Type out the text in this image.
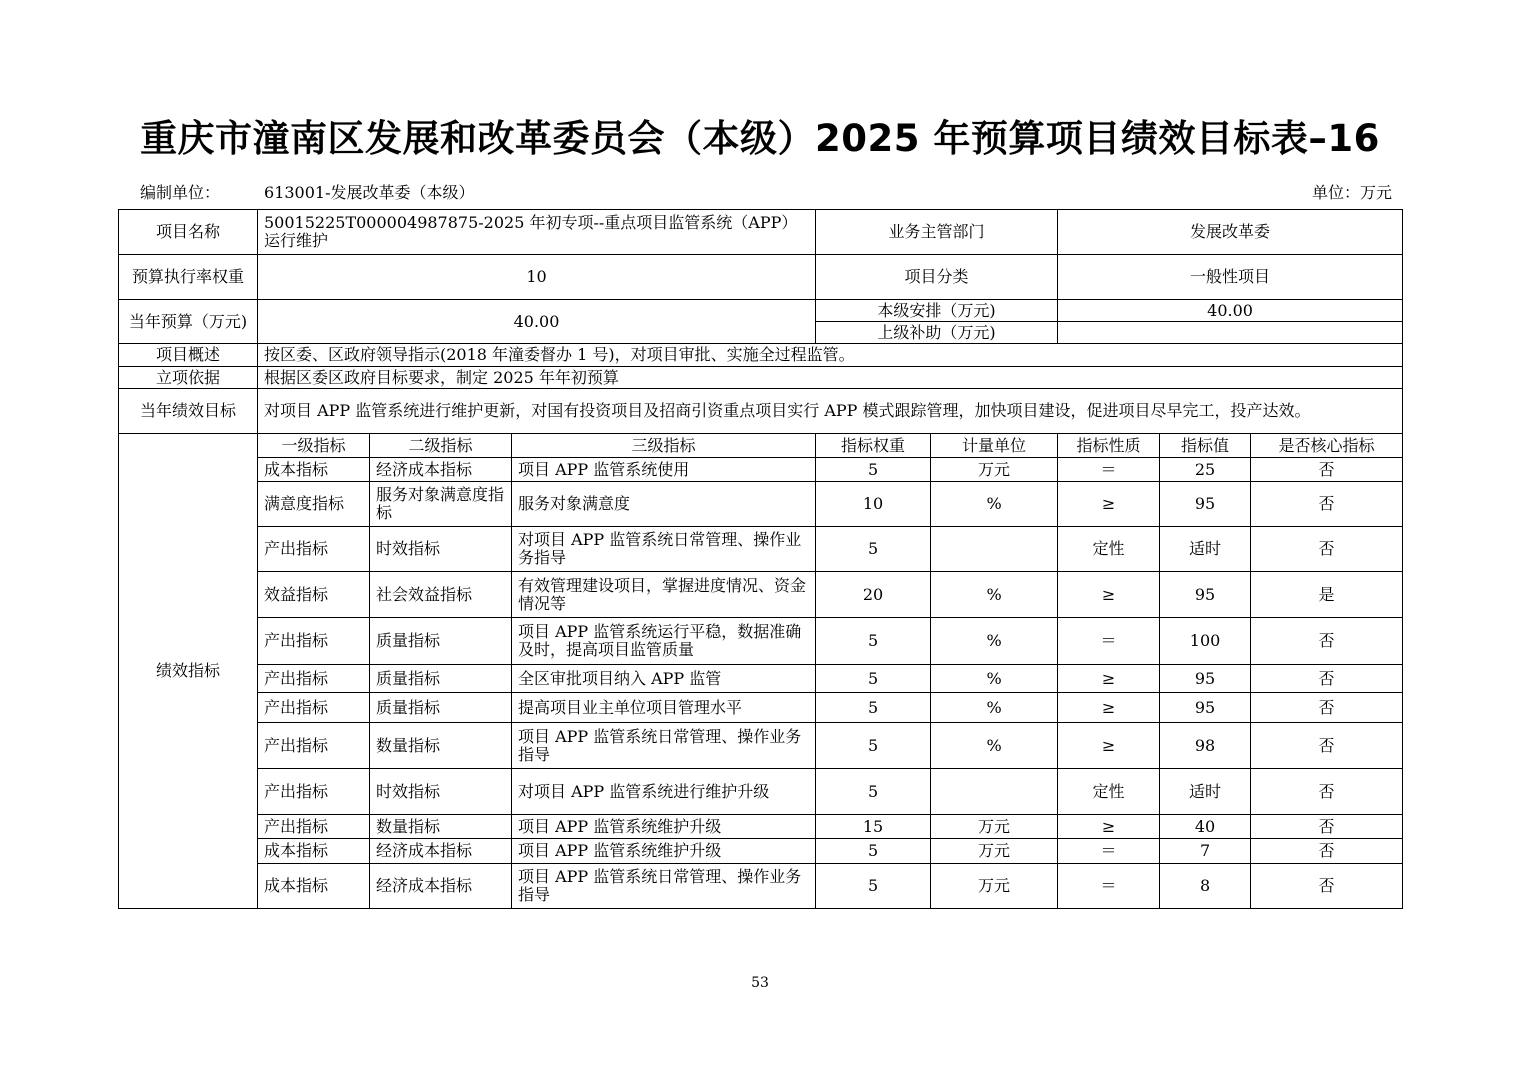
重庆市潼南区发展和改革委员会（本级）2025 年预算项目绩效目标表–16
编制单位：	613001-发展改革委（本级）	单位：万元
项目名称	50015225T000004987875-2025 年初专项--重点项目监管系统（APP）运行维护			业务主管部门		发展改革委		
预算执行率权重	10			项目分类		一般性项目		
当年预算（万元)	40.00			本级安排（万元)		40.00		
				上级补助（万元)				
项目概述	按区委、区政府领导指示(2018 年潼委督办 1 号)，对项目审批、实施全过程监管。							
立项依据	根据区委区政府目标要求，制定 2025 年年初预算							
当年绩效目标	对项目 APP 监管系统进行维护更新，对国有投资项目及招商引资重点项目实行 APP 模式跟踪管理，加快项目建设，促进项目尽早完工，投产达效。							
绩效指标	一级指标	二级指标	三级指标	指标权重	计量单位	指标性质	指标值	是否核心指标
	成本指标	经济成本指标	项目 APP 监管系统使用	5	万元	＝	25	否
	满意度指标	服务对象满意度指标	服务对象满意度	10	%	≥	95	否
	产出指标	时效指标	对项目 APP 监管系统日常管理、操作业务指导	5		定性	适时	否
	效益指标	社会效益指标	有效管理建设项目，掌握进度情况、资金情况等	20	%	≥	95	是
	产出指标	质量指标	项目 APP 监管系统运行平稳，数据准确及时，提高项目监管质量	5	%	＝	100	否
	产出指标	质量指标	全区审批项目纳入 APP 监管	5	%	≥	95	否
	产出指标	质量指标	提高项目业主单位项目管理水平	5	%	≥	95	否
	产出指标	数量指标	项目 APP 监管系统日常管理、操作业务指导	5	%	≥	98	否
	产出指标	时效指标	对项目 APP 监管系统进行维护升级	5		定性	适时	否
	产出指标	数量指标	项目 APP 监管系统维护升级	15	万元	≥	40	否
	成本指标	经济成本指标	项目 APP 监管系统维护升级	5	万元	＝	7	否
	成本指标	经济成本指标	项目 APP 监管系统日常管理、操作业务指导	5	万元	＝	8	否
53
